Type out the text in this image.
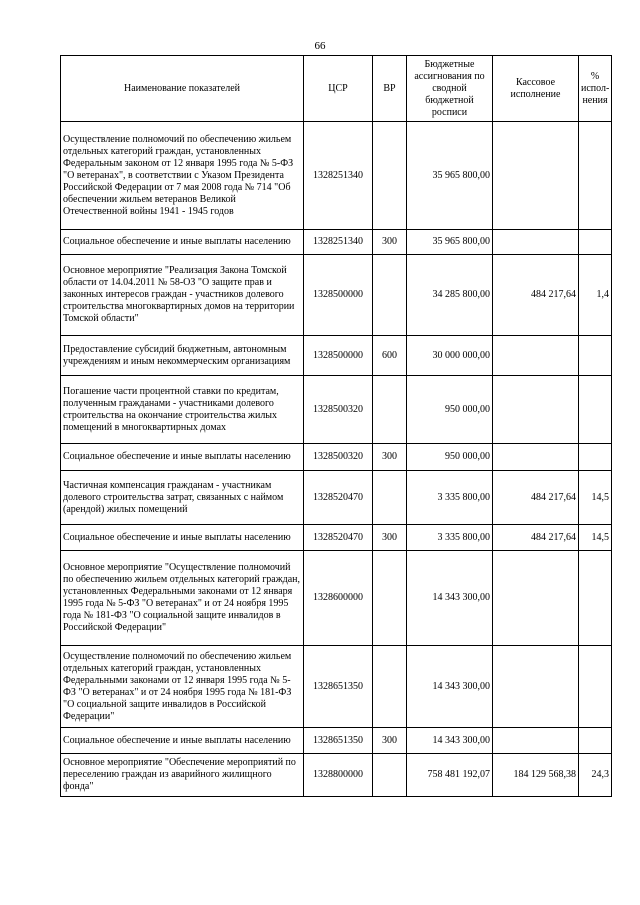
66
Наименование показателей	ЦСР	ВР	Бюджетные ассигнования по сводной бюджетной росписи	Кассовое исполнение	% испол-нения
Осуществление полномочий по обеспечению жильем отдельных категорий граждан, установленных Федеральным законом от 12 января 1995 года № 5-ФЗ "О ветеранах", в соответствии с Указом Президента Российской Федерации от 7 мая 2008 года № 714 "Об обеспечении жильем ветеранов Великой Отечественной войны 1941 - 1945 годов	1328251340		35 965 800,00		
Социальное обеспечение и иные выплаты населению	1328251340	300	35 965 800,00		
Основное мероприятие "Реализация Закона Томской области от 14.04.2011 № 58-ОЗ "О защите прав и законных интересов граждан - участников долевого строительства многоквартирных домов на территории Томской области"	1328500000		34 285 800,00	484 217,64	1,4
Предоставление субсидий бюджетным, автономным учреждениям и иным некоммерческим организациям	1328500000	600	30 000 000,00		
Погашение части процентной ставки по кредитам, полученным гражданами - участниками долевого строительства на окончание строительства жилых помещений в многоквартирных домах	1328500320		950 000,00		
Социальное обеспечение и иные выплаты населению	1328500320	300	950 000,00		
Частичная компенсация гражданам - участникам долевого строительства затрат, связанных с наймом (арендой) жилых помещений	1328520470		3 335 800,00	484 217,64	14,5
Социальное обеспечение и иные выплаты населению	1328520470	300	3 335 800,00	484 217,64	14,5
Основное мероприятие "Осуществление полномочий по обеспечению жильем отдельных категорий граждан, установленных Федеральными законами от 12 января 1995 года № 5-ФЗ "О ветеранах" и от 24 ноября 1995 года № 181-ФЗ "О социальной защите инвалидов в Российской Федерации"	1328600000		14 343 300,00		
Осуществление полномочий по обеспечению жильем отдельных категорий граждан, установленных Федеральными законами от 12 января 1995 года № 5-ФЗ "О ветеранах" и от 24 ноября 1995 года № 181-ФЗ "О социальной защите инвалидов в Российской Федерации"	1328651350		14 343 300,00		
Социальное обеспечение и иные выплаты населению	1328651350	300	14 343 300,00		
Основное мероприятие "Обеспечение мероприятий по переселению граждан из аварийного жилищного фонда"	1328800000		758 481 192,07	184 129 568,38	24,3
